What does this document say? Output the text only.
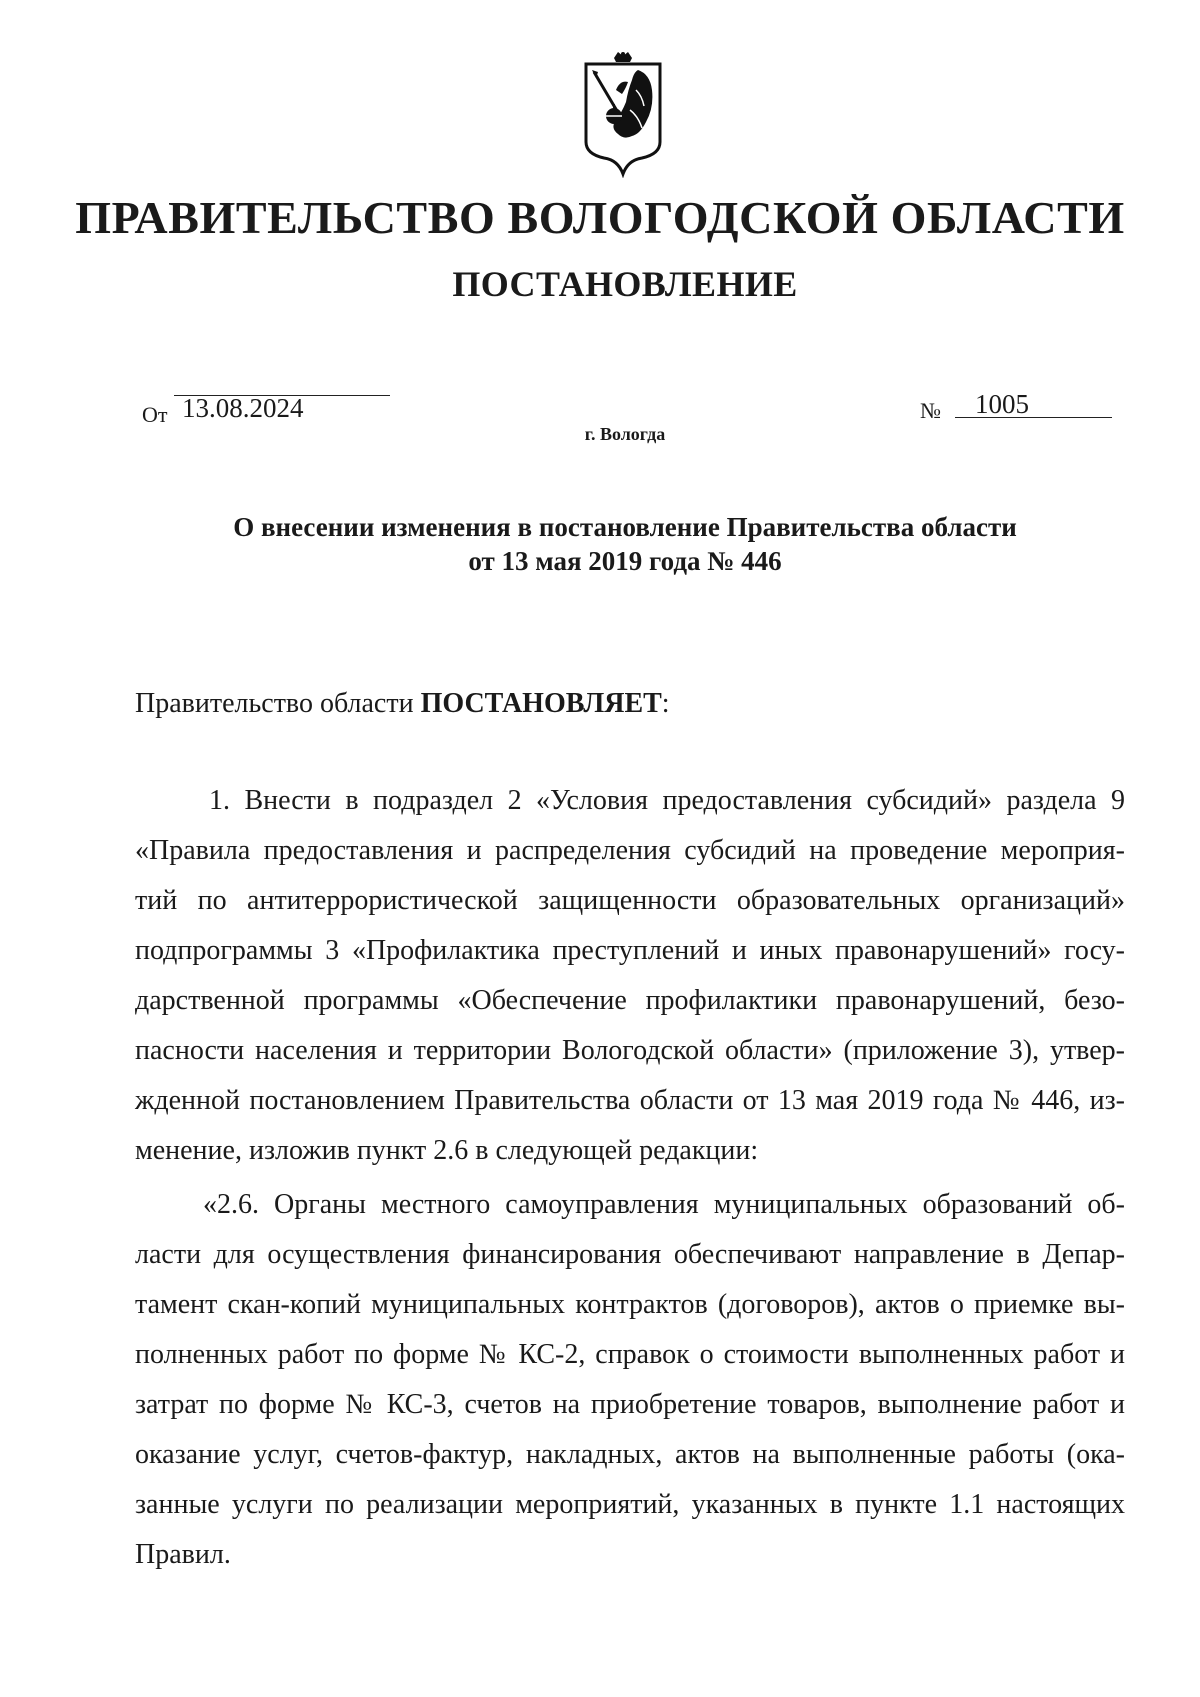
ПРАВИТЕЛЬСТВО ВОЛОГОДСКОЙ ОБЛАСТИ
ПОСТАНОВЛЕНИЕ
От 13.08.2024	№ 1005
г. Вологда
О внесении изменения в постановление Правительства области
от 13 мая 2019 года № 446
Правительство области ПОСТАНОВЛЯЕТ:
1. Внести в подраздел 2 «Условия предоставления субсидий» раздела 9
«Правила предоставления и распределения субсидий на проведение мероприя-
тий по антитеррористической защищенности образовательных организаций»
подпрограммы 3 «Профилактика преступлений и иных правонарушений» госу-
дарственной программы «Обеспечение профилактики правонарушений, безо-
пасности населения и территории Вологодской области» (приложение 3), утвер-
жденной постановлением Правительства области от 13 мая 2019 года № 446, из-
менение, изложив пункт 2.6 в следующей редакции:
«2.6. Органы местного самоуправления муниципальных образований об-
ласти для осуществления финансирования обеспечивают направление в Депар-
тамент скан-копий муниципальных контрактов (договоров), актов о приемке вы-
полненных работ по форме № КС-2, справок о стоимости выполненных работ и
затрат по форме № КС-3, счетов на приобретение товаров, выполнение работ и
оказание услуг, счетов-фактур, накладных, актов на выполненные работы (ока-
занные услуги по реализации мероприятий, указанных в пункте 1.1 настоящих
Правил.
